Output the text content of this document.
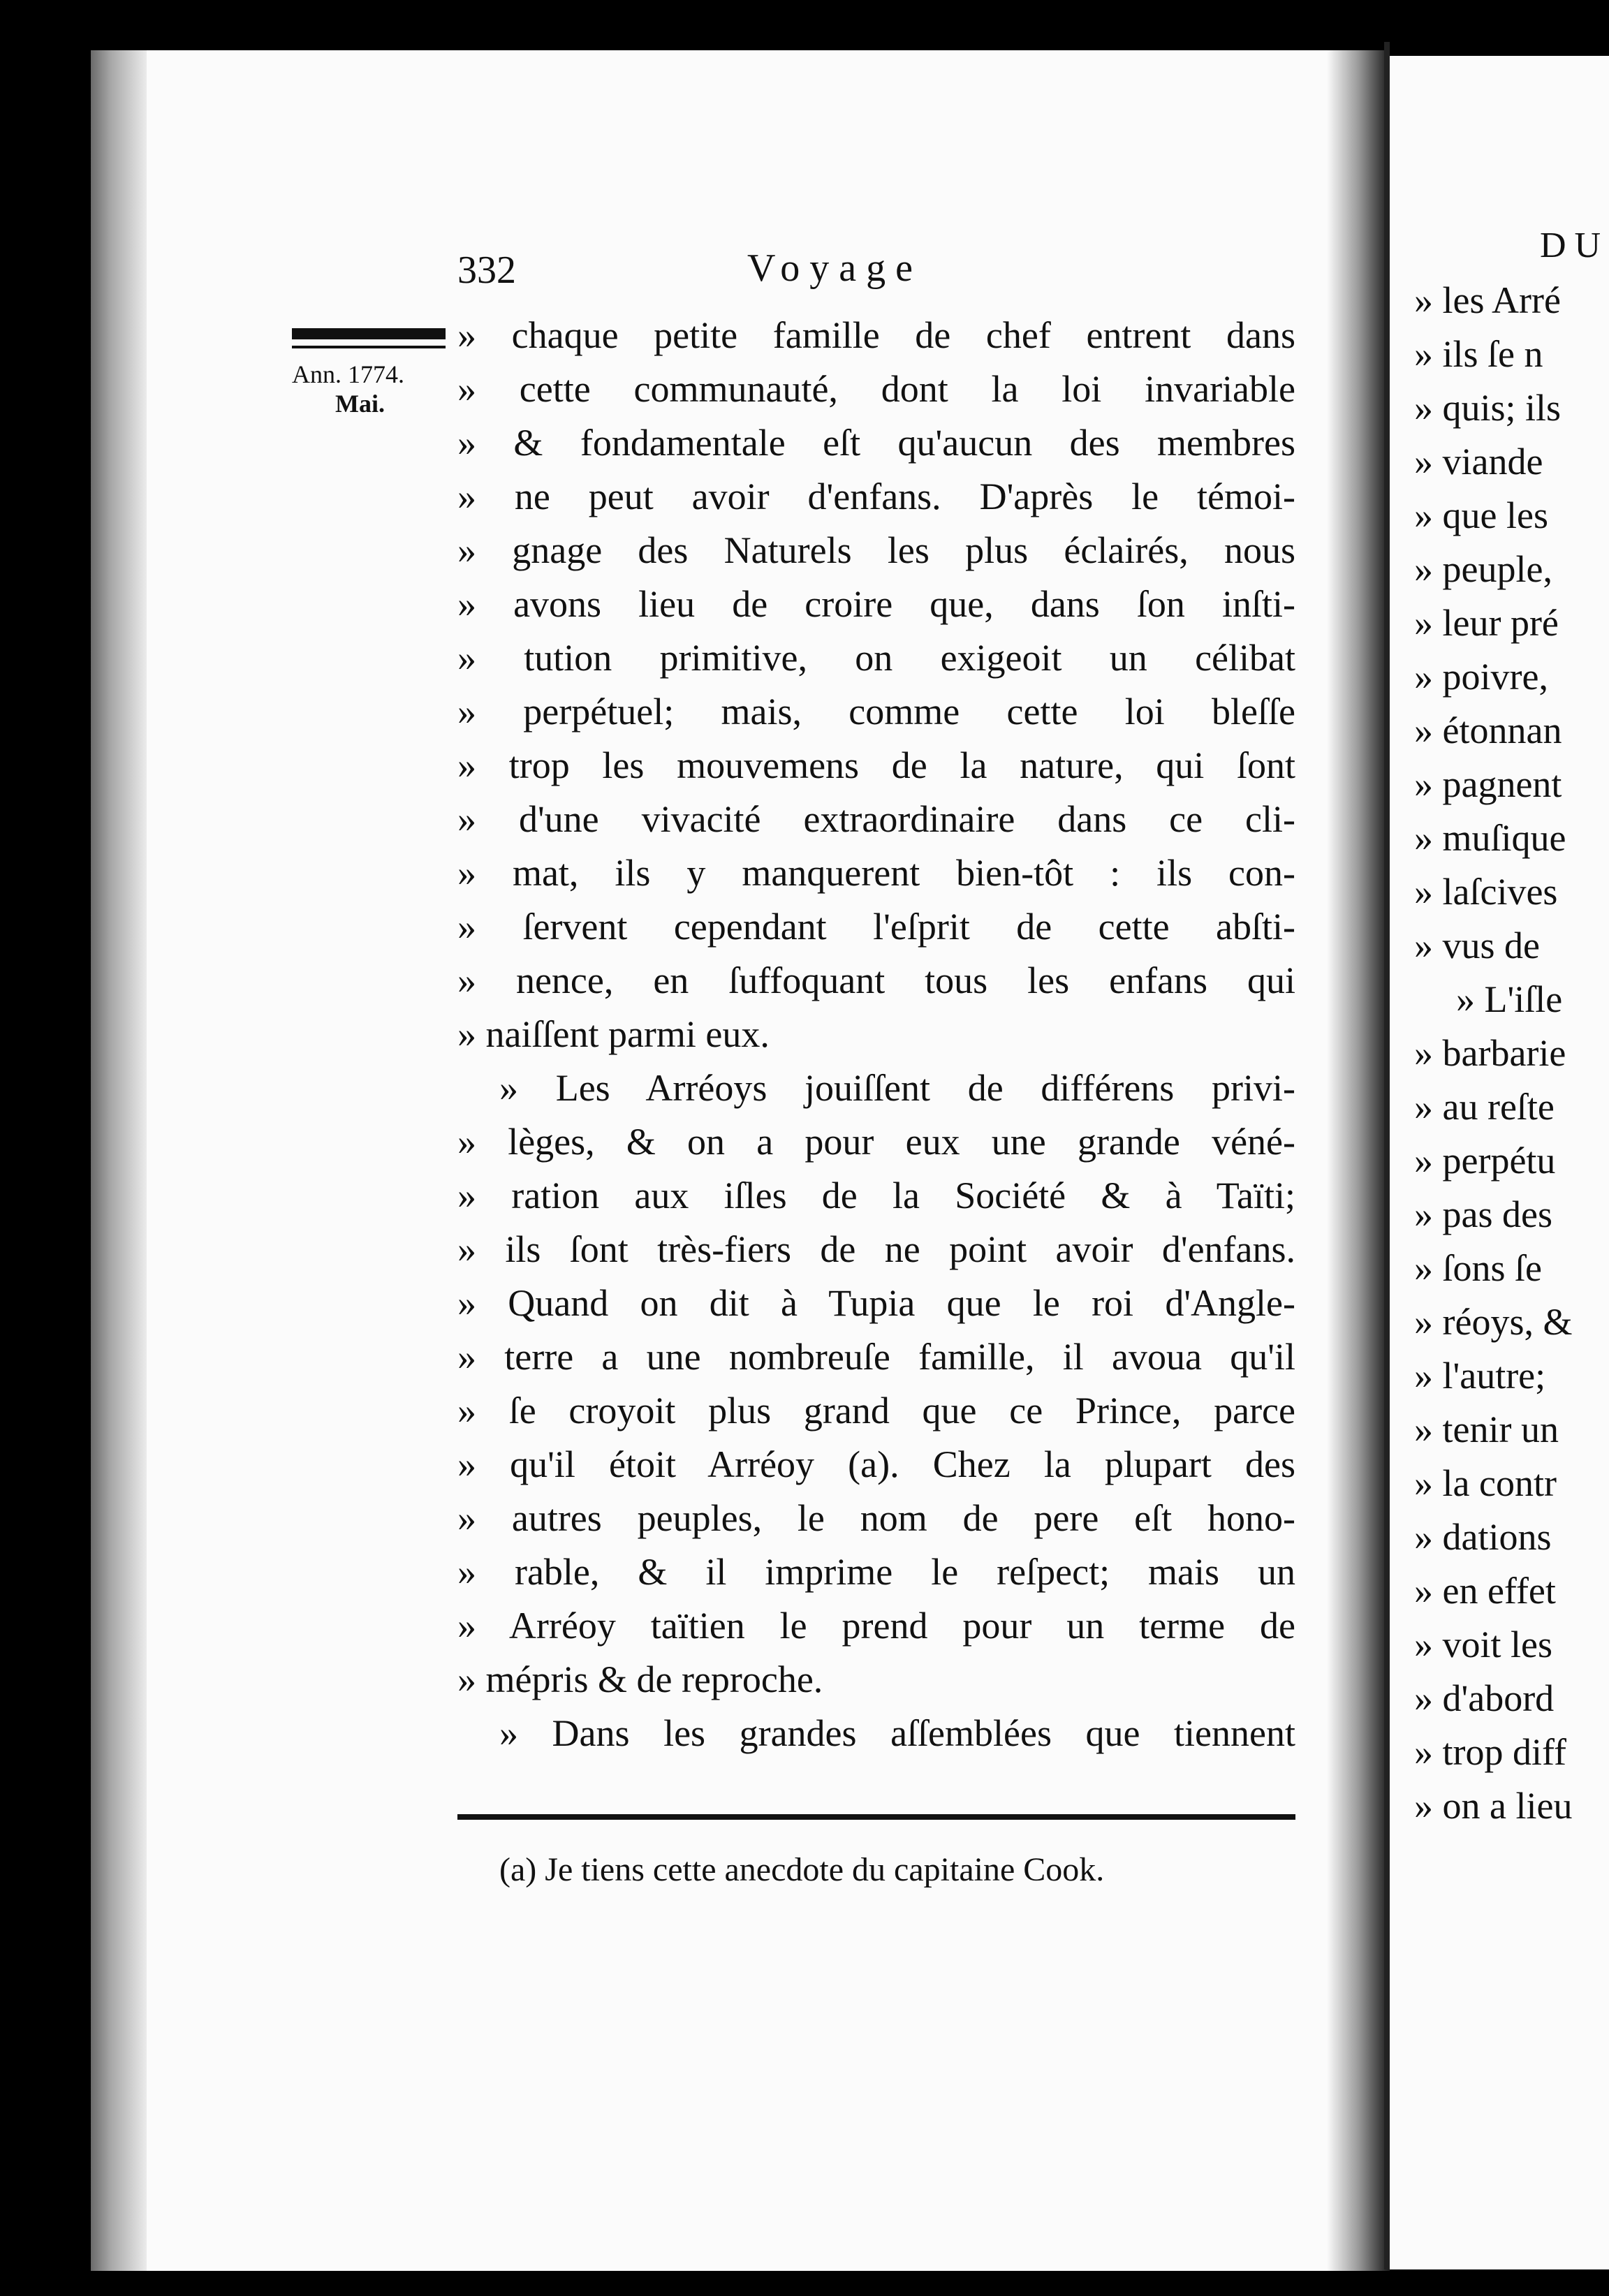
332	Voyage
Ann. 1774.
Mai.
» chaque petite famille de chef entrent dans
» cette communauté, dont la loi invariable
» & fondamentale eſt qu'aucun des membres
» ne peut avoir d'enfans. D'après le témoi-
» gnage des Naturels les plus éclairés, nous
» avons lieu de croire que, dans ſon inſti-
» tution primitive, on exigeoit un célibat
» perpétuel; mais, comme cette loi bleſſe
» trop les mouvemens de la nature, qui ſont
» d'une vivacité extraordinaire dans ce cli-
» mat, ils y manquerent bien-tôt : ils con-
» ſervent cependant l'eſprit de cette abſti-
» nence, en ſuffoquant tous les enfans qui
» naiſſent parmi eux.
» Les Arréoys jouiſſent de différens privi-
» lèges, & on a pour eux une grande véné-
» ration aux iſles de la Société & à Taïti;
» ils ſont très-fiers de ne point avoir d'enfans.
» Quand on dit à Tupia que le roi d'Angle-
» terre a une nombreuſe famille, il avoua qu'il
» ſe croyoit plus grand que ce Prince, parce
» qu'il étoit Arréoy (a). Chez la plupart des
» autres peuples, le nom de pere eſt hono-
» rable, & il imprime le reſpect; mais un
» Arréoy taïtien le prend pour un terme de
» mépris & de reproche.
» Dans les grandes aſſemblées que tiennent
(a) Je tiens cette anecdote du capitaine Cook.
DU
» les Arré
» ils ſe n
» quis; ils
» viande
» que les
» peuple,
» leur pré
» poivre,
» étonnan
» pagnent
» muſique
» laſcives
» vus de
» L'iſle
» barbarie
» au reſte
» perpétu
» pas des
» ſons ſe
» réoys, &
» l'autre;
» tenir un
» la contr
» dations
» en effet
» voit les
» d'abord
» trop diff
» on a lieu
